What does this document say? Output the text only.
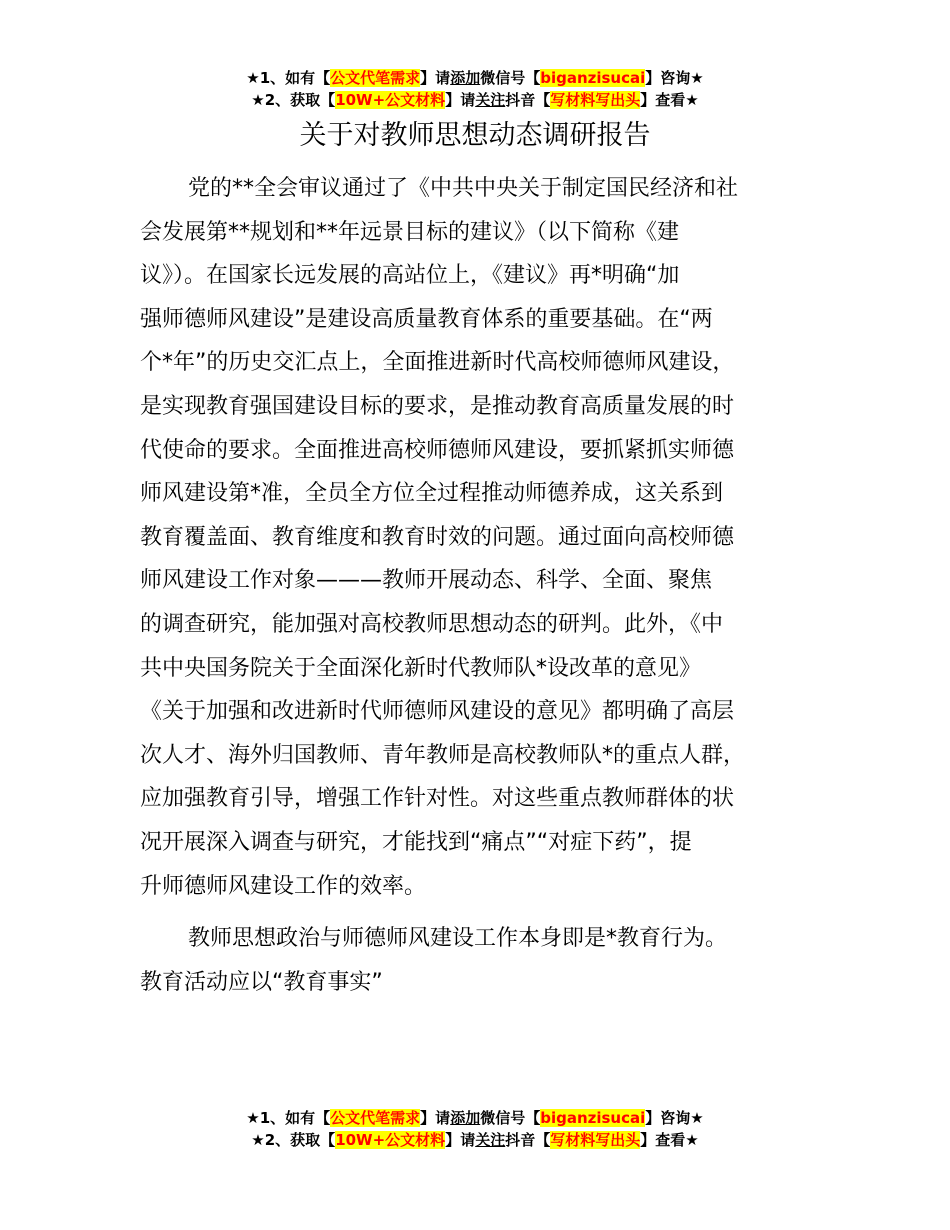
★1、如有【公文代笔需求】请添加微信号【biganzisucai】咨询★
★2、获取【10W+公文材料】请关注抖音【写材料写出头】查看★
关于对教师思想动态调研报告
党的**全会审议通过了《中共中央关于制定国民经济和社
会发展第**规划和**年远景目标的建议》（以下简称《建
议》）。在国家长远发展的高站位上，《建议》再*明确“加
强师德师风建设”是建设高质量教育体系的重要基础。在“两
个*年”的历史交汇点上，全面推进新时代高校师德师风建设，
是实现教育强国建设目标的要求，是推动教育高质量发展的时
代使命的要求。全面推进高校师德师风建设，要抓紧抓实师德
师风建设第*准，全员全方位全过程推动师德养成，这关系到
教育覆盖面、教育维度和教育时效的问题。通过面向高校师德
师风建设工作对象———教师开展动态、科学、全面、聚焦
的调查研究，能加强对高校教师思想动态的研判。此外，《中
共中央国务院关于全面深化新时代教师队*设改革的意见》
《关于加强和改进新时代师德师风建设的意见》都明确了高层
次人才、海外归国教师、青年教师是高校教师队*的重点人群，
应加强教育引导，增强工作针对性。对这些重点教师群体的状
况开展深入调查与研究，才能找到“痛点”“对症下药”，提
升师德师风建设工作的效率。
教师思想政治与师德师风建设工作本身即是*教育行为。
教育活动应以“教育事实”
★1、如有【公文代笔需求】请添加微信号【biganzisucai】咨询★
★2、获取【10W+公文材料】请关注抖音【写材料写出头】查看★
